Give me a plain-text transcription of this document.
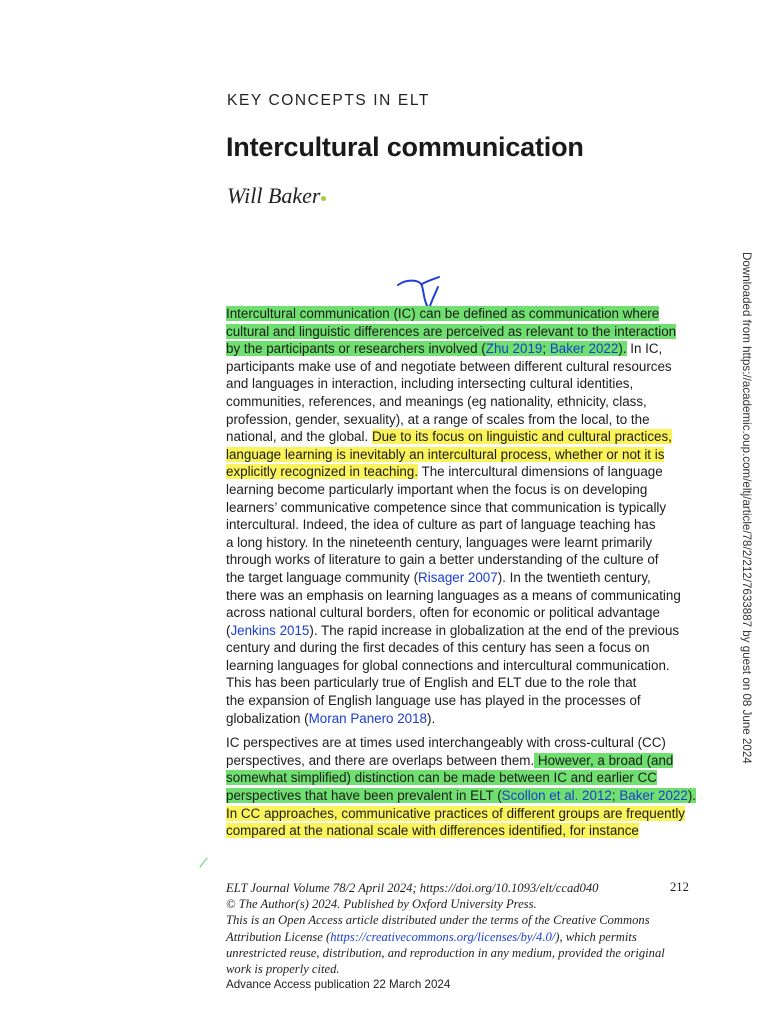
KEY CONCEPTS IN ELT
Intercultural communication
Will Baker

Intercultural communication (IC) can be defined as communication where
cultural and linguistic differences are perceived as relevant to the interaction
by the participants or researchers involved (Zhu 2019; Baker 2022). In IC,
participants make use of and negotiate between different cultural resources
and languages in interaction, including intersecting cultural identities,
communities, references, and meanings (eg nationality, ethnicity, class,
profession, gender, sexuality), at a range of scales from the local, to the
national, and the global. Due to its focus on linguistic and cultural practices,
language learning is inevitably an intercultural process, whether or not it is
explicitly recognized in teaching. The intercultural dimensions of language
learning become particularly important when the focus is on developing
learners’ communicative competence since that communication is typically
intercultural. Indeed, the idea of culture as part of language teaching has
a long history. In the nineteenth century, languages were learnt primarily
through works of literature to gain a better understanding of the culture of
the target language community (Risager 2007). In the twentieth century,
there was an emphasis on learning languages as a means of communicating
across national cultural borders, often for economic or political advantage
(Jenkins 2015). The rapid increase in globalization at the end of the previous
century and during the first decades of this century has seen a focus on
learning languages for global connections and intercultural communication.
This has been particularly true of English and ELT due to the role that
the expansion of English language use has played in the processes of
globalization (Moran Panero 2018).

IC perspectives are at times used interchangeably with cross-cultural (CC)
perspectives, and there are overlaps between them. However, a broad (and
somewhat simplified) distinction can be made between IC and earlier CC
perspectives that have been prevalent in ELT (Scollon et al. 2012; Baker 2022).
In CC approaches, communicative practices of different groups are frequently
compared at the national scale with differences identified, for instance

Downloaded from https://academic.oup.com/eltj/article/78/2/212/7633887 by guest on 08 June 2024
ELT Journal Volume 78/2 April 2024; https://doi.org/10.1093/elt/ccad040
© The Author(s) 2024. Published by Oxford University Press.
This is an Open Access article distributed under the terms of the Creative Commons
Attribution License (https://creativecommons.org/licenses/by/4.0/), which permits
unrestricted reuse, distribution, and reproduction in any medium, provided the original
work is properly cited.
Advance Access publication 22 March 2024
212
